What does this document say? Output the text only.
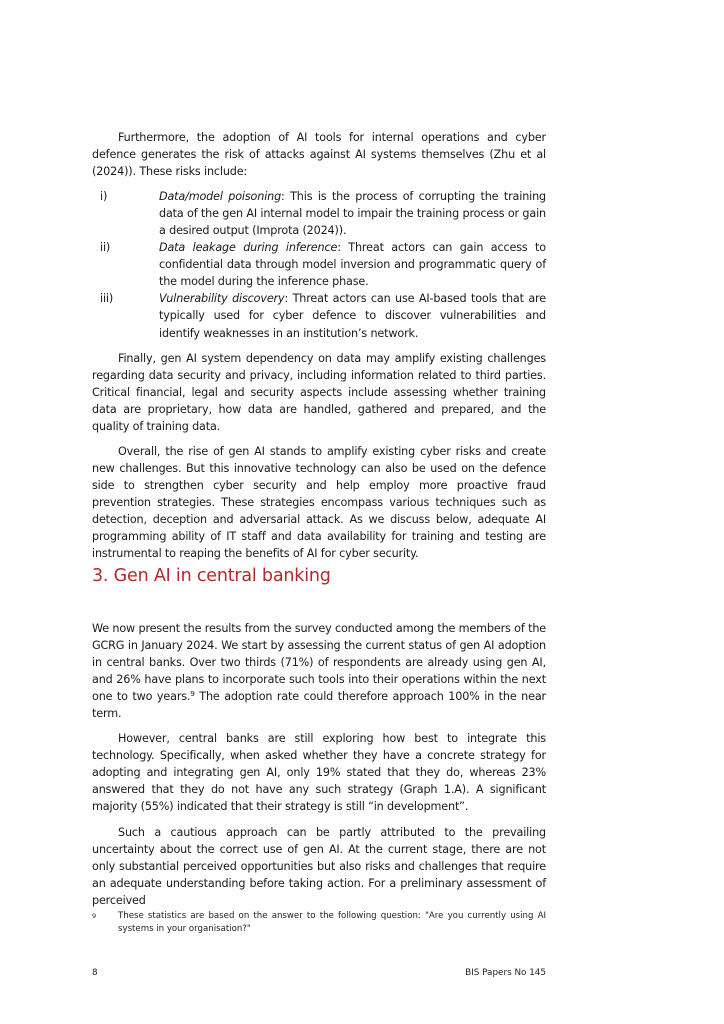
Furthermore, the adoption of AI tools for internal operations and cyber defence generates the risk of attacks against AI systems themselves (Zhu et al (2024)). These risks include:

i)	Data/model poisoning: This is the process of corrupting the training data of the gen AI internal model to impair the training process or gain a desired output (Improta (2024)).
ii)	Data leakage during inference: Threat actors can gain access to confidential data through model inversion and programmatic query of the model during the inference phase.
iii)	Vulnerability discovery: Threat actors can use AI-based tools that are typically used for cyber defence to discover vulnerabilities and identify weaknesses in an institution’s network.

Finally, gen AI system dependency on data may amplify existing challenges regarding data security and privacy, including information related to third parties. Critical financial, legal and security aspects include assessing whether training data are proprietary, how data are handled, gathered and prepared, and the quality of training data.

Overall, the rise of gen AI stands to amplify existing cyber risks and create new challenges. But this innovative technology can also be used on the defence side to strengthen cyber security and help employ more proactive fraud prevention strategies. These strategies encompass various techniques such as detection, deception and adversarial attack. As we discuss below, adequate AI programming ability of IT staff and data availability for training and testing are instrumental to reaping the benefits of AI for cyber security.

3. Gen AI in central banking

We now present the results from the survey conducted among the members of the GCRG in January 2024. We start by assessing the current status of gen AI adoption in central banks. Over two thirds (71%) of respondents are already using gen AI, and 26% have plans to incorporate such tools into their operations within the next one to two years.$^9$ The adoption rate could therefore approach 100% in the near term.

However, central banks are still exploring how best to integrate this technology. Specifically, when asked whether they have a concrete strategy for adopting and integrating gen AI, only 19% stated that they do, whereas 23% answered that they do not have any such strategy (Graph 1.A). A significant majority (55%) indicated that their strategy is still “in development”.

Such a cautious approach can be partly attributed to the prevailing uncertainty about the correct use of gen AI. At the current stage, there are not only substantial perceived opportunities but also risks and challenges that require an adequate understanding before taking action. For a preliminary assessment of perceived

9	These statistics are based on the answer to the following question: "Are you currently using AI systems in your organisation?"
8	BIS Papers No 145
